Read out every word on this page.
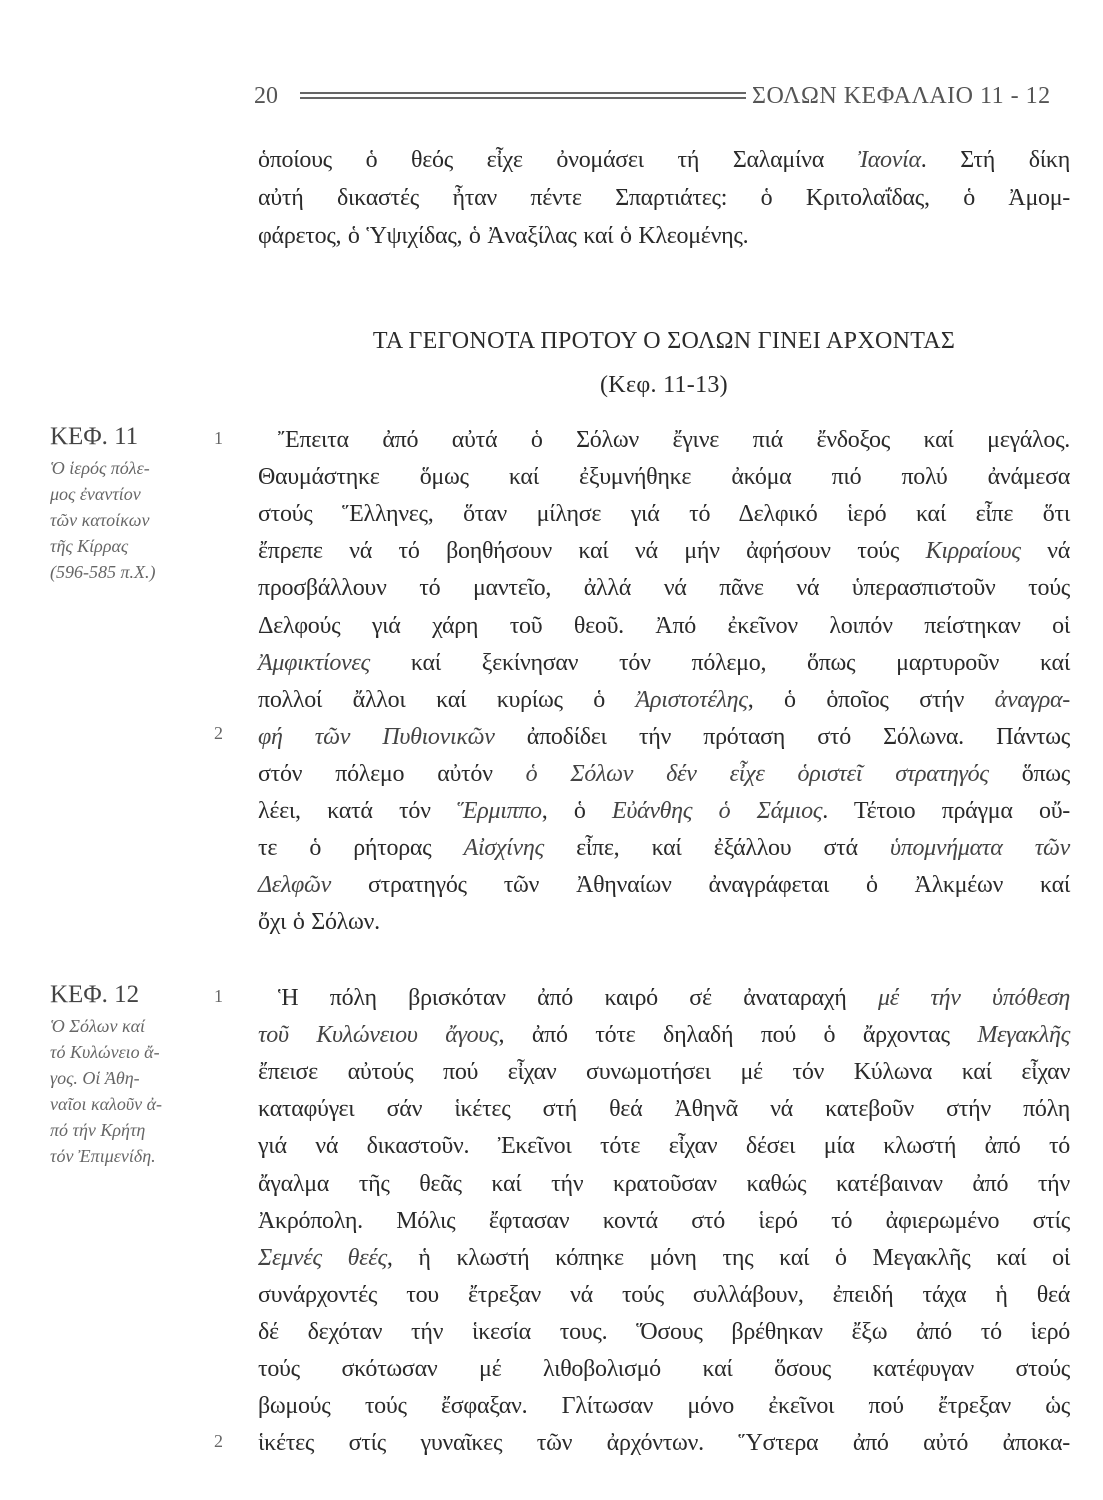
20	ΣΟΛΩΝ ΚΕΦΑΛΑΙΟ 11 - 12
ὁποίους ὁ θεός εἶχε ὀνομάσει τή Σαλαμίνα Ἰαονία. Στή δίκη
αὐτή δικαστές ἦταν πέντε Σπαρτιάτες: ὁ Κριτολαΐδας, ὁ Ἀμομ-
φάρετος, ὁ Ὑψιχίδας, ὁ Ἀναξίλας καί ὁ Κλεομένης.
ΤΑ ΓΕΓΟΝΟΤΑ ΠΡΟΤΟΥ Ο ΣΟΛΩΝ ΓΙΝΕΙ ΑΡΧΟΝΤΑΣ
(Κεφ. 11-13)
ΚΕΦ. 11
Ὁ ἱερός πόλε-
μος ἐναντίον
τῶν κατοίκων
τῆς Κίρρας
(596-585 π.Χ.)
1
2
Ἔπειτα ἀπό αὐτά ὁ Σόλων ἔγινε πιά ἔνδοξος καί μεγάλος.
Θαυμάστηκε ὅμως καί ἐξυμνήθηκε ἀκόμα πιό πολύ ἀνάμεσα
στούς Ἕλληνες, ὅταν μίλησε γιά τό Δελφικό ἱερό καί εἶπε ὅτι
ἔπρεπε νά τό βοηθήσουν καί νά μήν ἀφήσουν τούς Κιρραίους νά
προσβάλλουν τό μαντεῖο, ἀλλά νά πᾶνε νά ὑπερασπιστοῦν τούς
Δελφούς γιά χάρη τοῦ θεοῦ. Ἀπό ἐκεῖνον λοιπόν πείστηκαν οἱ
Ἀμφικτίονες καί ξεκίνησαν τόν πόλεμο, ὅπως μαρτυροῦν καί
πολλοί ἄλλοι καί κυρίως ὁ Ἀριστοτέλης, ὁ ὁποῖος στήν ἀναγρα-
φή τῶν Πυθιονικῶν ἀποδίδει τήν πρόταση στό Σόλωνα. Πάντως
στόν πόλεμο αὐτόν ὁ Σόλων δέν εἶχε ὁριστεῖ στρατηγός ὅπως
λέει, κατά τόν Ἕρμιππο, ὁ Εὐάνθης ὁ Σάμιος. Τέτοιο πράγμα οὔ-
τε ὁ ρήτορας Αἰσχίνης εἶπε, καί ἐξάλλου στά ὑπομνήματα τῶν
Δελφῶν στρατηγός τῶν Ἀθηναίων ἀναγράφεται ὁ Ἀλκμέων καί
ὄχι ὁ Σόλων.
ΚΕΦ. 12
Ὁ Σόλων καί
τό Κυλώνειο ἄ-
γος. Οἱ Ἀθη-
ναῖοι καλοῦν ἀ-
πό τήν Κρήτη
τόν Ἐπιμενίδη.
1
2
Ἡ πόλη βρισκόταν ἀπό καιρό σέ ἀναταραχή μέ τήν ὑπόθεση
τοῦ Κυλώνειου ἄγους, ἀπό τότε δηλαδή πού ὁ ἄρχοντας Μεγακλῆς
ἔπεισε αὐτούς πού εἶχαν συνωμοτήσει μέ τόν Κύλωνα καί εἶχαν
καταφύγει σάν ἱκέτες στή θεά Ἀθηνᾶ νά κατεβοῦν στήν πόλη
γιά νά δικαστοῦν. Ἐκεῖνοι τότε εἶχαν δέσει μία κλωστή ἀπό τό
ἄγαλμα τῆς θεᾶς καί τήν κρατοῦσαν καθώς κατέβαιναν ἀπό τήν
Ἀκρόπολη. Μόλις ἔφτασαν κοντά στό ἱερό τό ἀφιερωμένο στίς
Σεμνές θεές, ἡ κλωστή κόπηκε μόνη της καί ὁ Μεγακλῆς καί οἱ
συνάρχοντές του ἔτρεξαν νά τούς συλλάβουν, ἐπειδή τάχα ἡ θεά
δέ δεχόταν τήν ἱκεσία τους. Ὅσους βρέθηκαν ἔξω ἀπό τό ἱερό
τούς σκότωσαν μέ λιθοβολισμό καί ὅσους κατέφυγαν στούς
βωμούς τούς ἔσφαξαν. Γλίτωσαν μόνο ἐκεῖνοι πού ἔτρεξαν ὡς
ἱκέτες στίς γυναῖκες τῶν ἀρχόντων. Ὕστερα ἀπό αὐτό ἀποκα-
